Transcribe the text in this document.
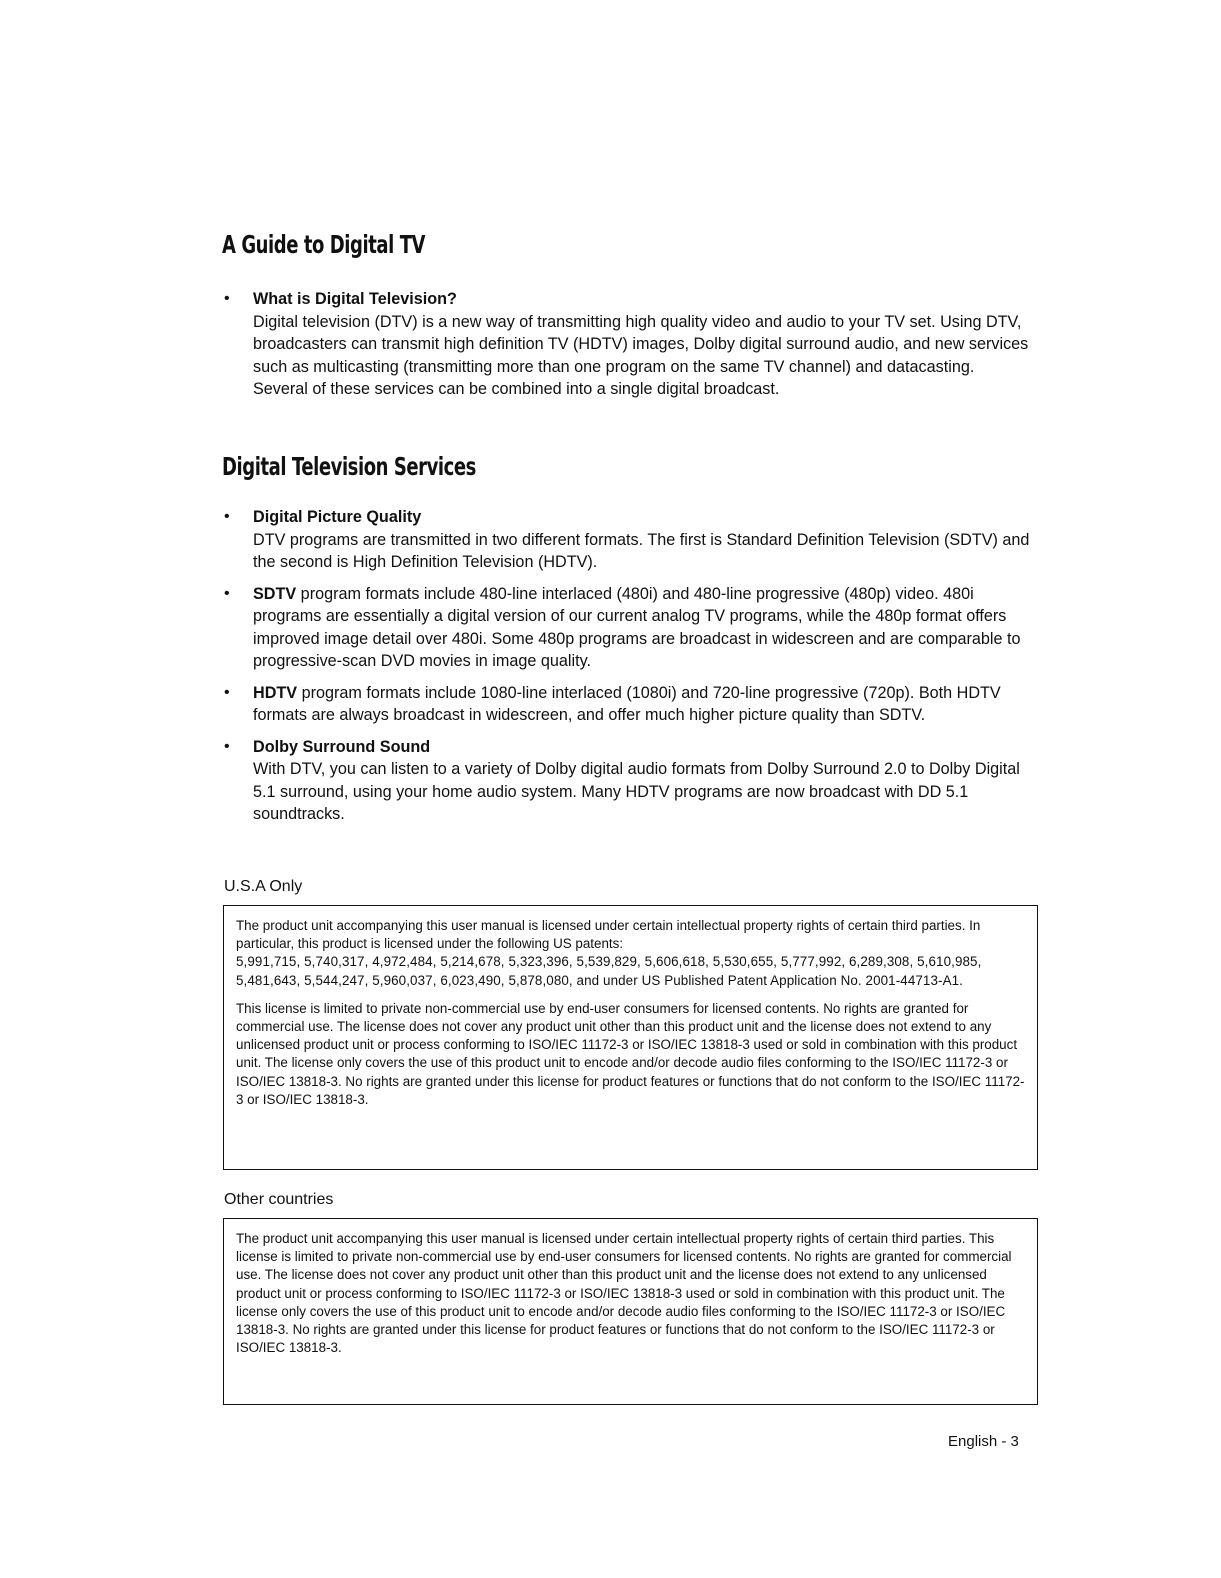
A Guide to Digital TV
• What is Digital Television?
Digital television (DTV) is a new way of transmitting high quality video and audio to your TV set. Using DTV, broadcasters can transmit high definition TV (HDTV) images, Dolby digital surround audio, and new services such as multicasting (transmitting more than one program on the same TV channel) and datacasting. Several of these services can be combined into a single digital broadcast.
Digital Television Services
• Digital Picture Quality
DTV programs are transmitted in two different formats. The first is Standard Definition Television (SDTV) and the second is High Definition Television (HDTV).
• SDTV program formats include 480-line interlaced (480i) and 480-line progressive (480p) video. 480i programs are essentially a digital version of our current analog TV programs, while the 480p format offers improved image detail over 480i. Some 480p programs are broadcast in widescreen and are comparable to progressive-scan DVD movies in image quality.
• HDTV program formats include 1080-line interlaced (1080i) and 720-line progressive (720p). Both HDTV formats are always broadcast in widescreen, and offer much higher picture quality than SDTV.
• Dolby Surround Sound
With DTV, you can listen to a variety of Dolby digital audio formats from Dolby Surround 2.0 to Dolby Digital 5.1 surround, using your home audio system. Many HDTV programs are now broadcast with DD 5.1 soundtracks.
U.S.A Only

The product unit accompanying this user manual is licensed under certain intellectual property rights of certain third parties. In particular, this product is licensed under the following US patents:
5,991,715, 5,740,317, 4,972,484, 5,214,678, 5,323,396, 5,539,829, 5,606,618, 5,530,655, 5,777,992, 6,289,308, 5,610,985, 5,481,643, 5,544,247, 5,960,037, 6,023,490, 5,878,080, and under US Published Patent Application No. 2001-44713-A1.

This license is limited to private non-commercial use by end-user consumers for licensed contents. No rights are granted for commercial use. The license does not cover any product unit other than this product unit and the license does not extend to any unlicensed product unit or process conforming to ISO/IEC 11172-3 or ISO/IEC 13818-3 used or sold in combination with this product unit. The license only covers the use of this product unit to encode and/or decode audio files conforming to the ISO/IEC 11172-3 or ISO/IEC 13818-3. No rights are granted under this license for product features or functions that do not conform to the ISO/IEC 11172-3 or ISO/IEC 13818-3.

Other countries

The product unit accompanying this user manual is licensed under certain intellectual property rights of certain third parties. This license is limited to private non-commercial use by end-user consumers for licensed contents. No rights are granted for commercial use. The license does not cover any product unit other than this product unit and the license does not extend to any unlicensed product unit or process conforming to ISO/IEC 11172-3 or ISO/IEC 13818-3 used or sold in combination with this product unit. The license only covers the use of this product unit to encode and/or decode audio files conforming to the ISO/IEC 11172-3 or ISO/IEC 13818-3. No rights are granted under this license for product features or functions that do not conform to the ISO/IEC 11172-3 or ISO/IEC 13818-3.

English - 3
